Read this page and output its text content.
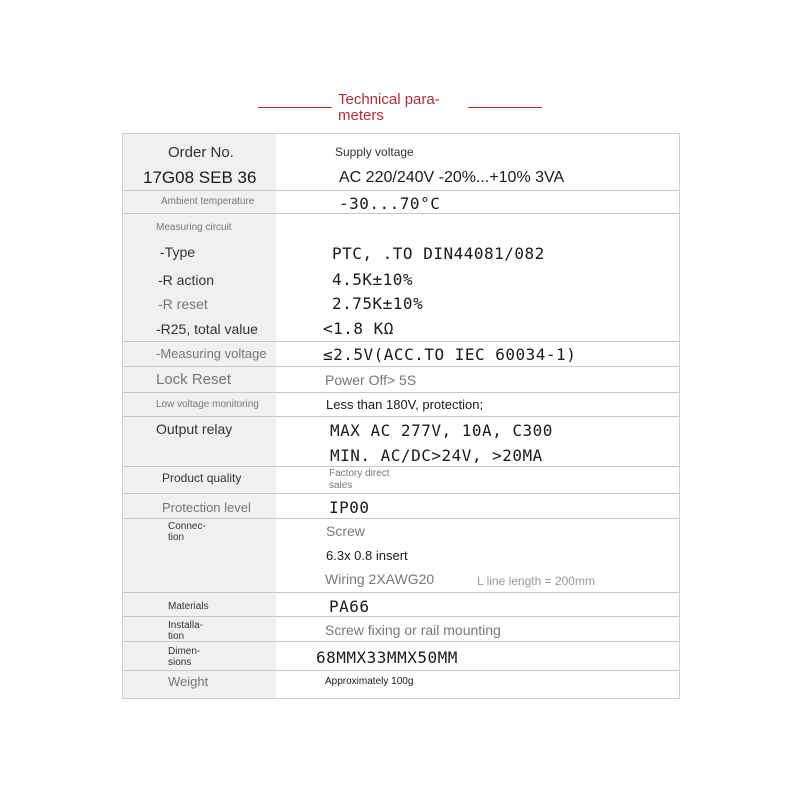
Technical para-
meters
Order No.	Supply voltage
17G08 SEB 36	AC 220/240V -20%...+10% 3VA
Ambient temperature	-30...70°C
Measuring circuit
-Type	PTC, .TO DIN44081/082
-R action	4.5K±10%
-R reset	2.75K±10%
-R25, total value	<1.8 KΩ
-Measuring voltage	≤2.5V(ACC.TO IEC 60034-1)
Lock Reset	Power Off> 5S
Low voltage monitoring	Less than 180V, protection;
Output relay	MAX AC 277V, 10A, C300
MIN. AC/DC>24V, >20MA
Product quality	Factory direct
sales
Protection level	IP00
Connec-
tion	Screw
6.3x 0.8 insert
Wiring 2XAWG20	L line length = 200mm
Materials	PA66
Installa-
tion	Screw fixing or rail mounting
Dimen-
sions	68MMX33MMX50MM
Weight	Approximately 100g
